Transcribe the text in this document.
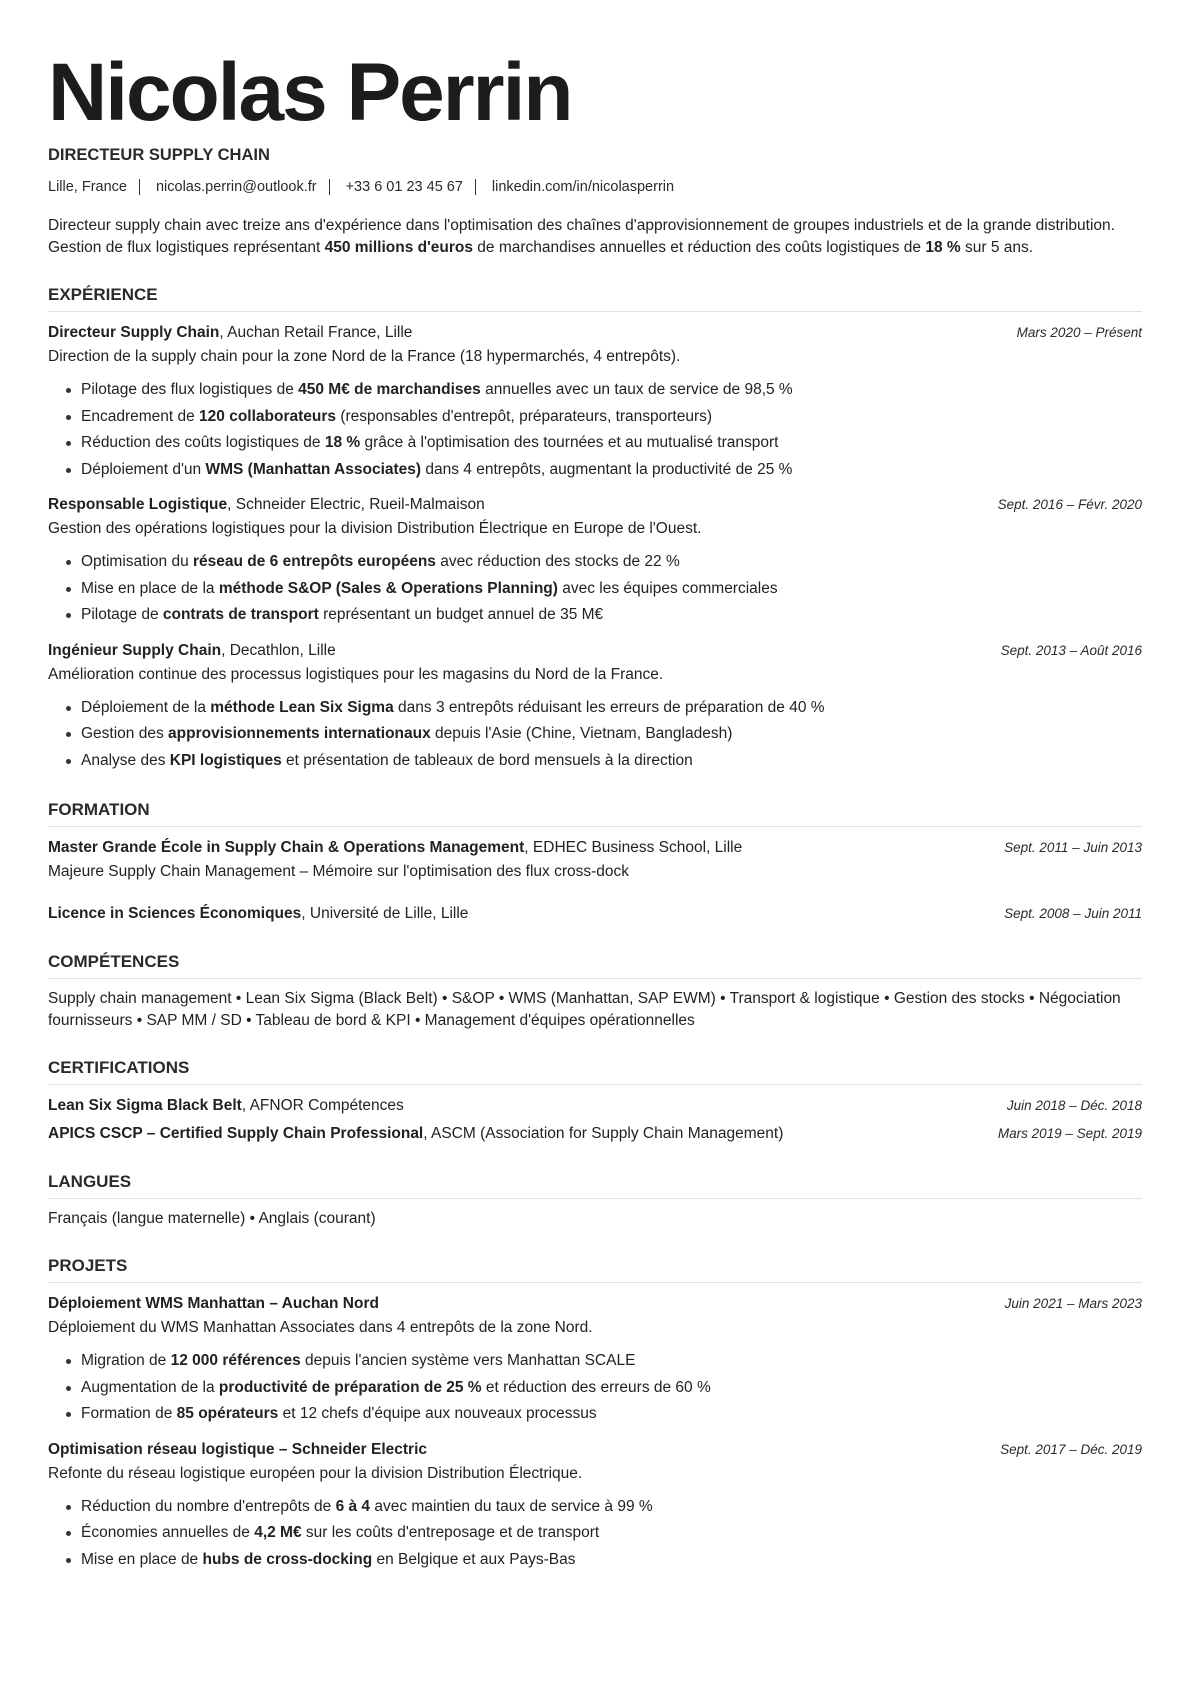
Nicolas Perrin
DIRECTEUR SUPPLY CHAIN
Lille, France nicolas.perrin@outlook.fr +33 6 01 23 45 67 linkedin.com/in/nicolasperrin

Directeur supply chain avec treize ans d'expérience dans l'optimisation des chaînes d'approvisionnement de groupes industriels et de la grande distribution. Gestion de flux logistiques représentant 450 millions d'euros de marchandises annuelles et réduction des coûts logistiques de 18 % sur 5 ans.

EXPÉRIENCE
Directeur Supply Chain, Auchan Retail France, Lille	Mars 2020 – Présent
Direction de la supply chain pour la zone Nord de la France (18 hypermarchés, 4 entrepôts).
Pilotage des flux logistiques de 450 M€ de marchandises annuelles avec un taux de service de 98,5 %
Encadrement de 120 collaborateurs (responsables d'entrepôt, préparateurs, transporteurs)
Réduction des coûts logistiques de 18 % grâce à l'optimisation des tournées et au mutualisé transport
Déploiement d'un WMS (Manhattan Associates) dans 4 entrepôts, augmentant la productivité de 25 %
Responsable Logistique, Schneider Electric, Rueil-Malmaison	Sept. 2016 – Févr. 2020
Gestion des opérations logistiques pour la division Distribution Électrique en Europe de l'Ouest.
Optimisation du réseau de 6 entrepôts européens avec réduction des stocks de 22 %
Mise en place de la méthode S&OP (Sales & Operations Planning) avec les équipes commerciales
Pilotage de contrats de transport représentant un budget annuel de 35 M€
Ingénieur Supply Chain, Decathlon, Lille	Sept. 2013 – Août 2016
Amélioration continue des processus logistiques pour les magasins du Nord de la France.
Déploiement de la méthode Lean Six Sigma dans 3 entrepôts réduisant les erreurs de préparation de 40 %
Gestion des approvisionnements internationaux depuis l'Asie (Chine, Vietnam, Bangladesh)
Analyse des KPI logistiques et présentation de tableaux de bord mensuels à la direction
FORMATION
Master Grande École in Supply Chain & Operations Management, EDHEC Business School, Lille	Sept. 2011 – Juin 2013
Majeure Supply Chain Management – Mémoire sur l'optimisation des flux cross-dock
Licence in Sciences Économiques, Université de Lille, Lille	Sept. 2008 – Juin 2011
COMPÉTENCES
Supply chain management • Lean Six Sigma (Black Belt) • S&OP • WMS (Manhattan, SAP EWM) • Transport & logistique • Gestion des stocks • Négociation fournisseurs • SAP MM / SD • Tableau de bord & KPI • Management d'équipes opérationnelles
CERTIFICATIONS
Lean Six Sigma Black Belt, AFNOR Compétences	Juin 2018 – Déc. 2018
APICS CSCP – Certified Supply Chain Professional, ASCM (Association for Supply Chain Management)	Mars 2019 – Sept. 2019
LANGUES
Français (langue maternelle) • Anglais (courant)
PROJETS
Déploiement WMS Manhattan – Auchan Nord	Juin 2021 – Mars 2023
Déploiement du WMS Manhattan Associates dans 4 entrepôts de la zone Nord.
Migration de 12 000 références depuis l'ancien système vers Manhattan SCALE
Augmentation de la productivité de préparation de 25 % et réduction des erreurs de 60 %
Formation de 85 opérateurs et 12 chefs d'équipe aux nouveaux processus
Optimisation réseau logistique – Schneider Electric	Sept. 2017 – Déc. 2019
Refonte du réseau logistique européen pour la division Distribution Électrique.
Réduction du nombre d'entrepôts de 6 à 4 avec maintien du taux de service à 99 %
Économies annuelles de 4,2 M€ sur les coûts d'entreposage et de transport
Mise en place de hubs de cross-docking en Belgique et aux Pays-Bas
